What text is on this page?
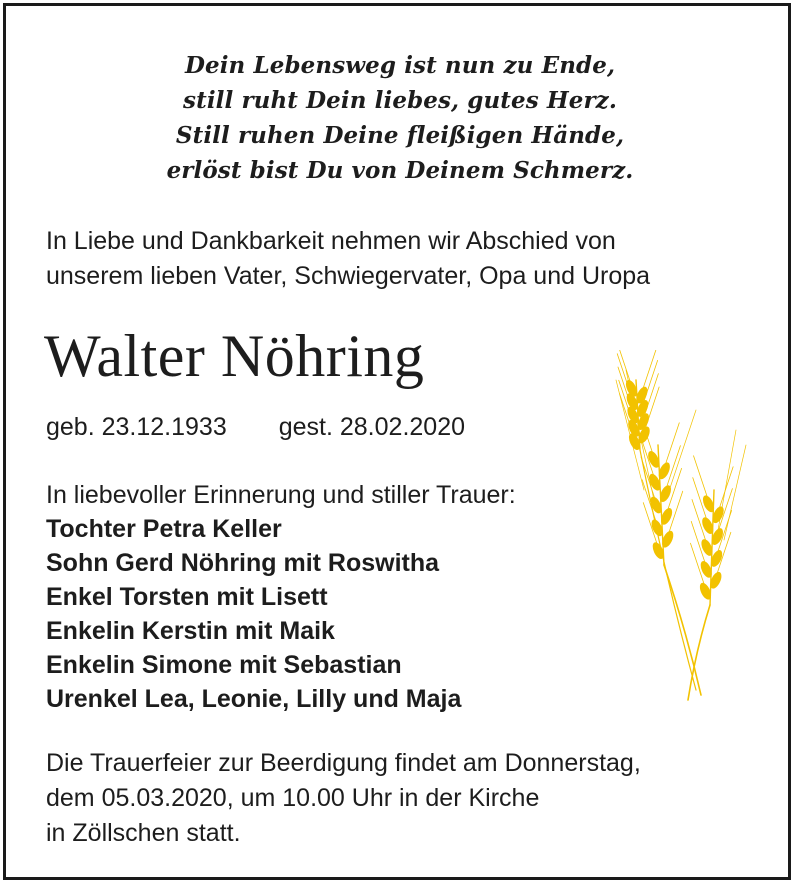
Dein Lebensweg ist nun zu Ende,
still ruht Dein liebes, gutes Herz.
Still ruhen Deine fleißigen Hände,
erlöst bist Du von Deinem Schmerz.
In Liebe und Dankbarkeit nehmen wir Abschied von
unserem lieben Vater, Schwiegervater, Opa und Uropa
Walter Nöhring
geb. 23.12.1933 gest. 28.02.2020
In liebevoller Erinnerung und stiller Trauer:
Tochter Petra Keller
Sohn Gerd Nöhring mit Roswitha
Enkel Torsten mit Lisett
Enkelin Kerstin mit Maik
Enkelin Simone mit Sebastian
Urenkel Lea, Leonie, Lilly und Maja
Die Trauerfeier zur Beerdigung findet am Donnerstag,
dem 05.03.2020, um 10.00 Uhr in der Kirche
in Zöllschen statt.
